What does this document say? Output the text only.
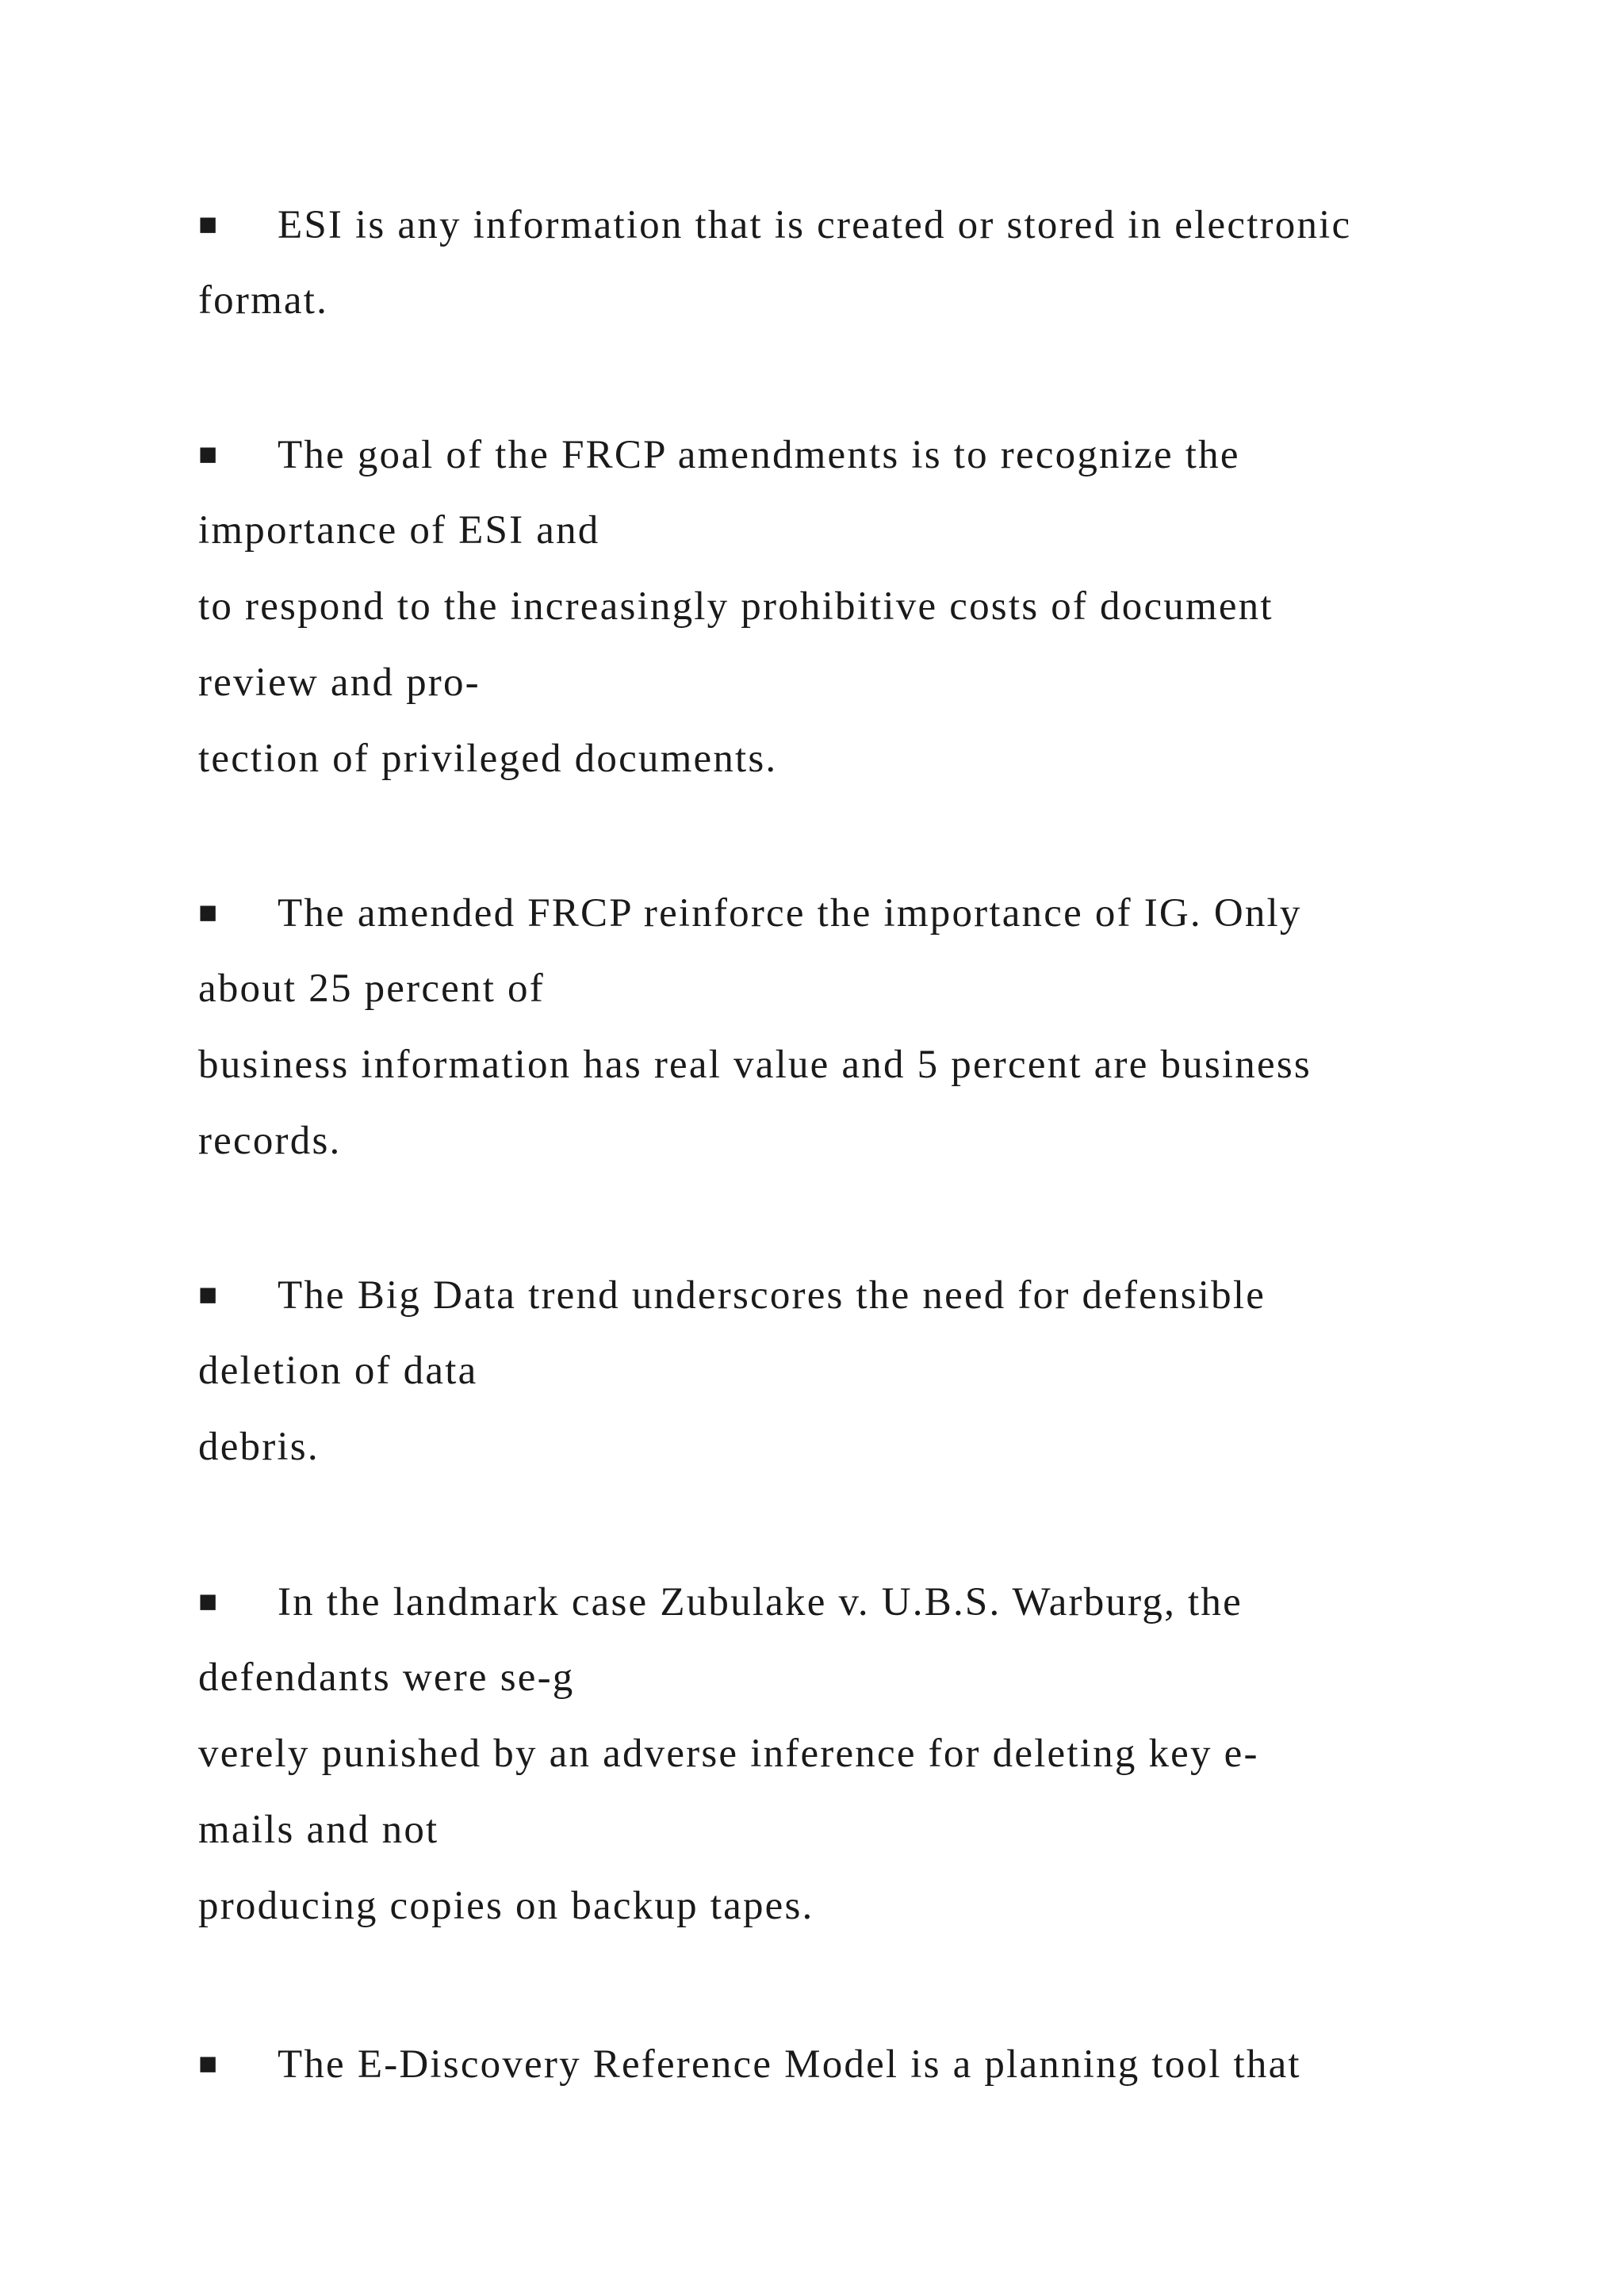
■ ESI is any information that is created or stored in electronic
format.
■ The goal of the FRCP amendments is to recognize the
importance of ESI and
to respond to the increasingly prohibitive costs of document
review and pro-
tection of privileged documents.
■ The amended FRCP reinforce the importance of IG. Only
about 25 percent of
business information has real value and 5 percent are business
records.
■ The Big Data trend underscores the need for defensible
deletion of data
debris.
■ In the landmark case Zubulake v. U.B.S. Warburg, the
defendants were se-g
verely punished by an adverse inference for deleting key e-
mails and not
producing copies on backup tapes.
■ The E-Discovery Reference Model is a planning tool that
